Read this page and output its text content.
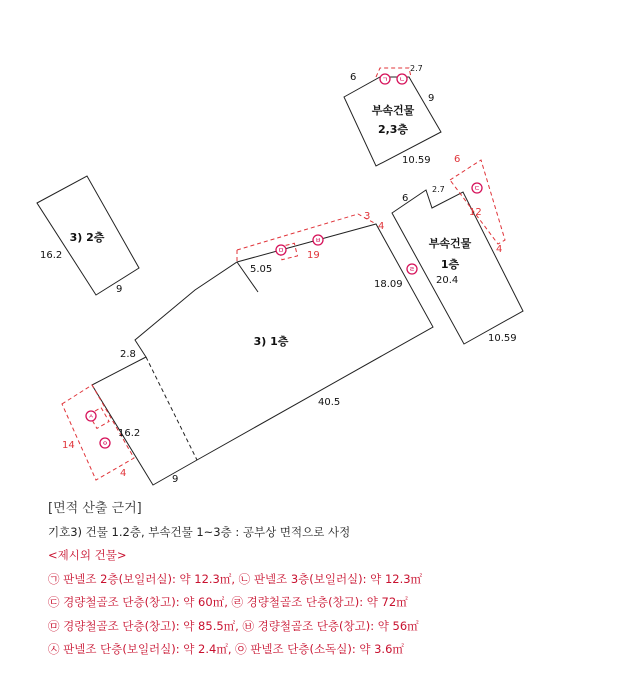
부속건물
2,3층
3) 2층	부속건물
1층
3) 1층
6
2.7
9
10.59
16.2
9
6
2.7
20.4
10.59
5.05
18.09
2.8
40.5
16.2
9
6
12
4
3
4
19
14
4
ㄱ ㄴ
ㄷ
ㄹ
ㅁ
ㅂ
ㅅ
ㅇ
[면적 산출 근거]
기호3) 건물 1.2층, 부속건물 1~3층 : 공부상 면적으로 사정
<제시외 건물>
㉠ 판넬조 2층(보일러실): 약 12.3㎡, ㉡ 판넬조 3층(보일러실): 약 12.3㎡
㉢ 경량철골조 단층(창고): 약 60㎡, ㉣ 경량철골조 단층(창고): 약 72㎡
㉤ 경량철골조 단층(창고): 약 85.5㎡, ㉥ 경량철골조 단층(창고): 약 56㎡
㉦ 판넬조 단층(보일러실): 약 2.4㎡, ㉧ 판넬조 단층(소독실): 약 3.6㎡
